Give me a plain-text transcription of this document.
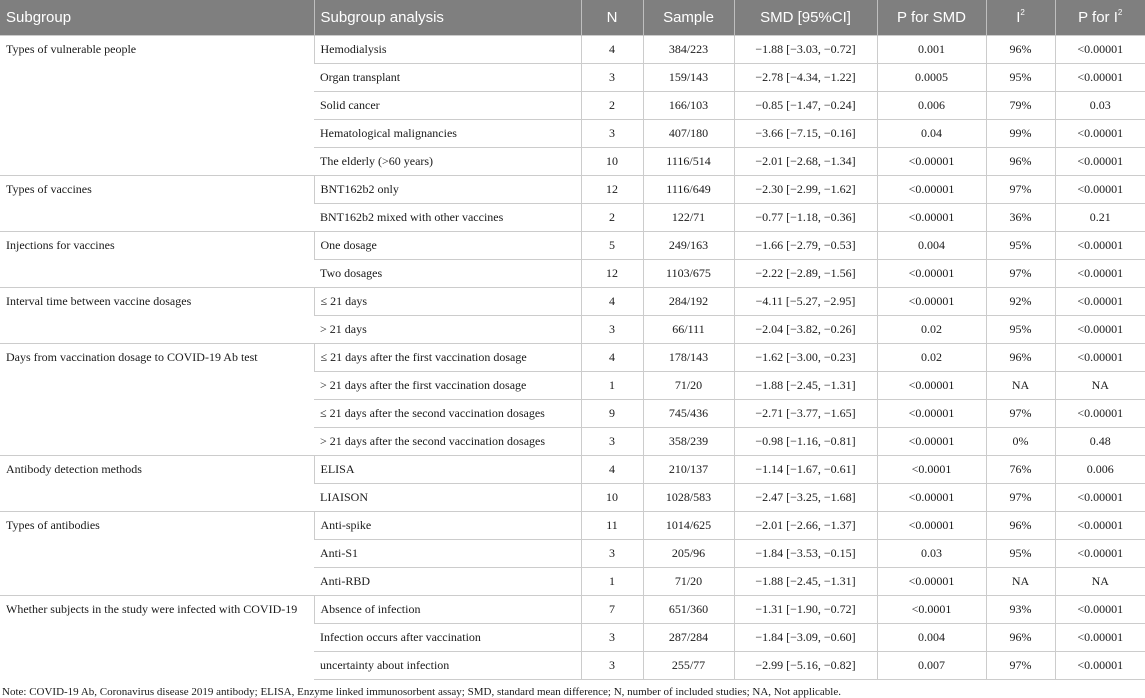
Subgroup	Subgroup analysis	N	Sample	SMD [95%CI]	P for SMD	$I^2$	P for $I^2$
Types of vulnerable people	Hemodialysis	4	384/223	−1.88 [−3.03, −0.72]	0.001	96%	<0.00001
	Organ transplant	3	159/143	−2.78 [−4.34, −1.22]	0.0005	95%	<0.00001
	Solid cancer	2	166/103	−0.85 [−1.47, −0.24]	0.006	79%	0.03
	Hematological malignancies	3	407/180	−3.66 [−7.15, −0.16]	0.04	99%	<0.00001
	The elderly (>60 years)	10	1116/514	−2.01 [−2.68, −1.34]	<0.00001	96%	<0.00001
Types of vaccines	BNT162b2 only	12	1116/649	−2.30 [−2.99, −1.62]	<0.00001	97%	<0.00001
	BNT162b2 mixed with other vaccines	2	122/71	−0.77 [−1.18, −0.36]	<0.00001	36%	0.21
Injections for vaccines	One dosage	5	249/163	−1.66 [−2.79, −0.53]	0.004	95%	<0.00001
	Two dosages	12	1103/675	−2.22 [−2.89, −1.56]	<0.00001	97%	<0.00001
Interval time between vaccine dosages	≤ 21 days	4	284/192	−4.11 [−5.27, −2.95]	<0.00001	92%	<0.00001
	> 21 days	3	66/111	−2.04 [−3.82, −0.26]	0.02	95%	<0.00001
Days from vaccination dosage to COVID-19 Ab test	≤ 21 days after the first vaccination dosage	4	178/143	−1.62 [−3.00, −0.23]	0.02	96%	<0.00001
	> 21 days after the first vaccination dosage	1	71/20	−1.88 [−2.45, −1.31]	<0.00001	NA	NA
	≤ 21 days after the second vaccination dosages	9	745/436	−2.71 [−3.77, −1.65]	<0.00001	97%	<0.00001
	> 21 days after the second vaccination dosages	3	358/239	−0.98 [−1.16, −0.81]	<0.00001	0%	0.48
Antibody detection methods	ELISA	4	210/137	−1.14 [−1.67, −0.61]	<0.0001	76%	0.006
	LIAISON	10	1028/583	−2.47 [−3.25, −1.68]	<0.00001	97%	<0.00001
Types of antibodies	Anti-spike	11	1014/625	−2.01 [−2.66, −1.37]	<0.00001	96%	<0.00001
	Anti-S1	3	205/96	−1.84 [−3.53, −0.15]	0.03	95%	<0.00001
	Anti-RBD	1	71/20	−1.88 [−2.45, −1.31]	<0.00001	NA	NA
Whether subjects in the study were infected with COVID-19	Absence of infection	7	651/360	−1.31 [−1.90, −0.72]	<0.0001	93%	<0.00001
	Infection occurs after vaccination	3	287/284	−1.84 [−3.09, −0.60]	0.004	96%	<0.00001
	uncertainty about infection	3	255/77	−2.99 [−5.16, −0.82]	0.007	97%	<0.00001
Note: COVID-19 Ab, Coronavirus disease 2019 antibody; ELISA, Enzyme linked immunosorbent assay; SMD, standard mean difference; N, number of included studies; NA, Not applicable.
